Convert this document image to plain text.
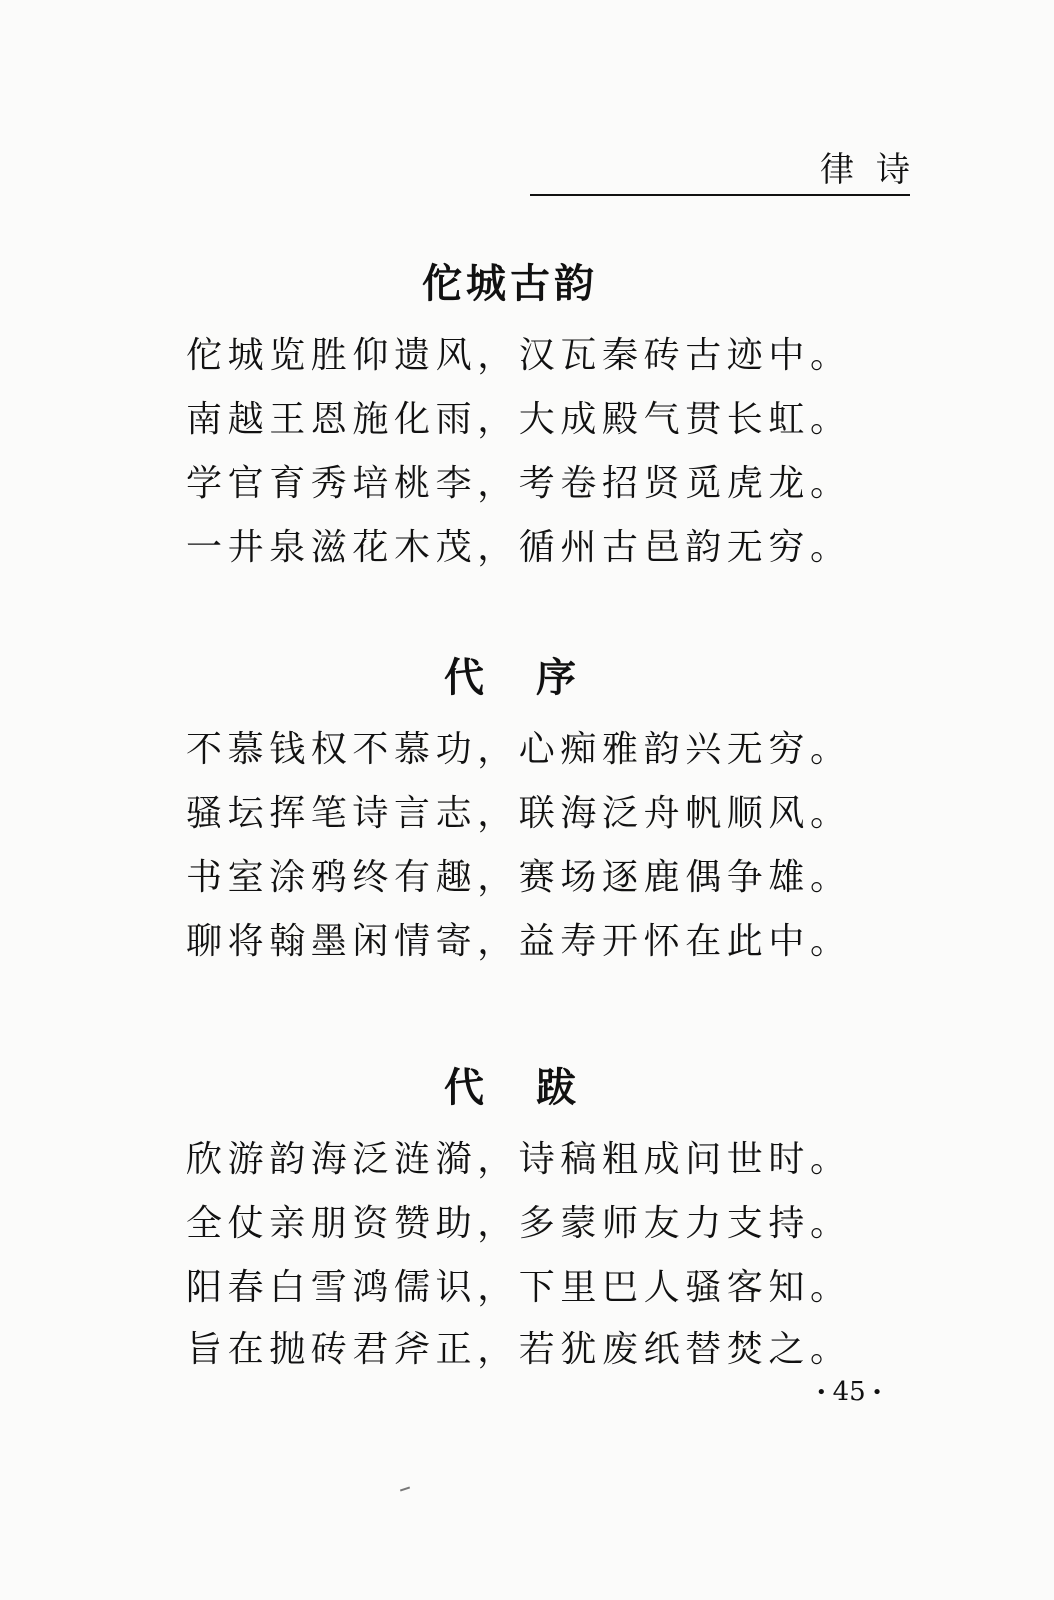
律诗
佗城古韵
佗城览胜仰遗风，汉瓦秦砖古迹中。
南越王恩施化雨，大成殿气贯长虹。
学官育秀培桃李，考卷招贤觅虎龙。
一井泉滋花木茂，循州古邑韵无穷。
代序
不慕钱权不慕功，心痴雅韵兴无穷。
骚坛挥笔诗言志，联海泛舟帆顺风。
书室涂鸦终有趣，赛场逐鹿偶争雄。
聊将翰墨闲情寄，益寿开怀在此中。
代跋
欣游韵海泛涟漪，诗稿粗成问世时。
全仗亲朋资赞助，多蒙师友力支持。
阳春白雪鸿儒识，下里巴人骚客知。
旨在抛砖君斧正，若犹废纸替焚之。
• 45 •
